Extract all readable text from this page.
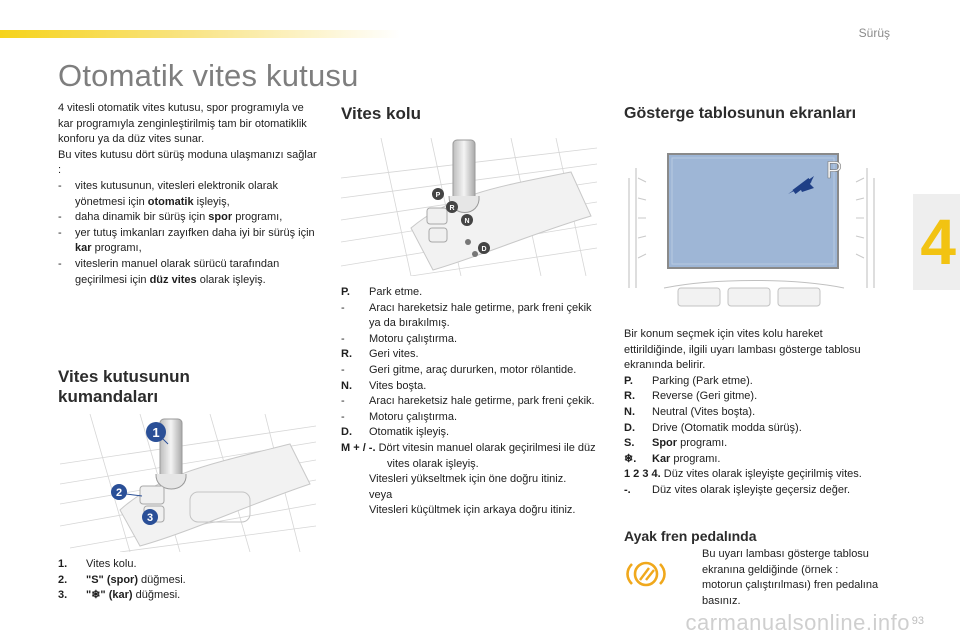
Sürüş
Otomatik vites kutusu
4
4 vitesli otomatik vites kutusu, spor programıyla ve kar programıyla zenginleştirilmiş tam bir otomatiklik konforu ya da düz vites sunar.
Bu vites kutusu dört sürüş moduna ulaşmanızı sağlar :
- vites kutusunun, vitesleri elektronik olarak yönetmesi için otomatik işleyiş,
- daha dinamik bir sürüş için spor programı,
- yer tutuş imkanları zayıfken daha iyi bir sürüş için kar programı,
- viteslerin manuel olarak sürücü tarafından geçirilmesi için düz vites olarak işleyiş.
Vites kutusunun
kumandaları
1
2
3
1. Vites kolu.
2. "S" (spor) düğmesi.
3. "❄" (kar) düğmesi.
Vites kolu
P
R
N
D
P. Park etme.
- Aracı hareketsiz hale getirme, park freni çekik ya da bırakılmış.
- Motoru çalıştırma.
R. Geri vites.
- Geri gitme, araç dururken, motor rölantide.
N. Vites boşta.
- Aracı hareketsiz hale getirme, park freni çekik.
- Motoru çalıştırma.
D. Otomatik işleyiş.
M + / -. Dört vitesin manuel olarak geçirilmesi ile düz vites olarak işleyiş.
Vitesleri yükseltmek için öne doğru itiniz.
veya
Vitesleri küçültmek için arkaya doğru itiniz.
Gösterge tablosunun ekranları
P
Bir konum seçmek için vites kolu hareket ettirildiğinde, ilgili uyarı lambası gösterge tablosu ekranında belirir.
P. Parking (Park etme).
R. Reverse (Geri gitme).
N. Neutral (Vites boşta).
D. Drive (Otomatik modda sürüş).
S. Spor programı.
❄. Kar programı.
1 2 3 4. Düz vites olarak işleyişte geçirilmiş vites.
-. Düz vites olarak işleyişte geçersiz değer.
Ayak fren pedalında
Bu uyarı lambası gösterge tablosu ekranına geldiğinde (örnek : motorun çalıştırılması) fren pedalına basınız.
carmanualsonline.info 93
